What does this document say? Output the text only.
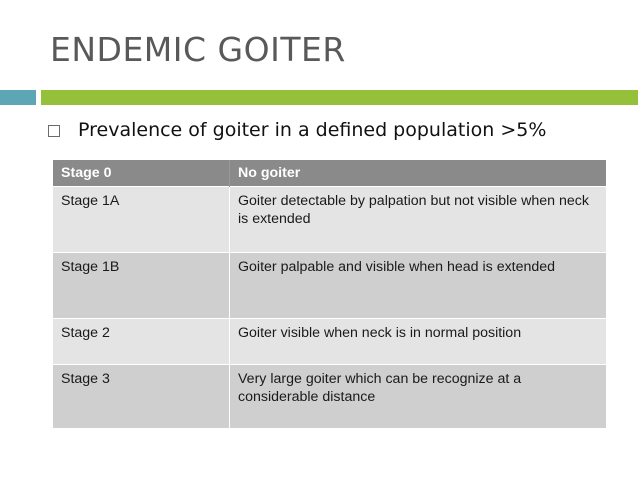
ENDEMIC GOITER
Prevalence of goiter in a defined population >5%
Stage 0	No goiter
Stage 1A	Goiter detectable by palpation but not visible when neck is extended
Stage 1B	Goiter palpable and visible when head is extended
Stage 2	Goiter visible when neck is in normal position
Stage 3	Very large goiter which can be recognize at a considerable distance
